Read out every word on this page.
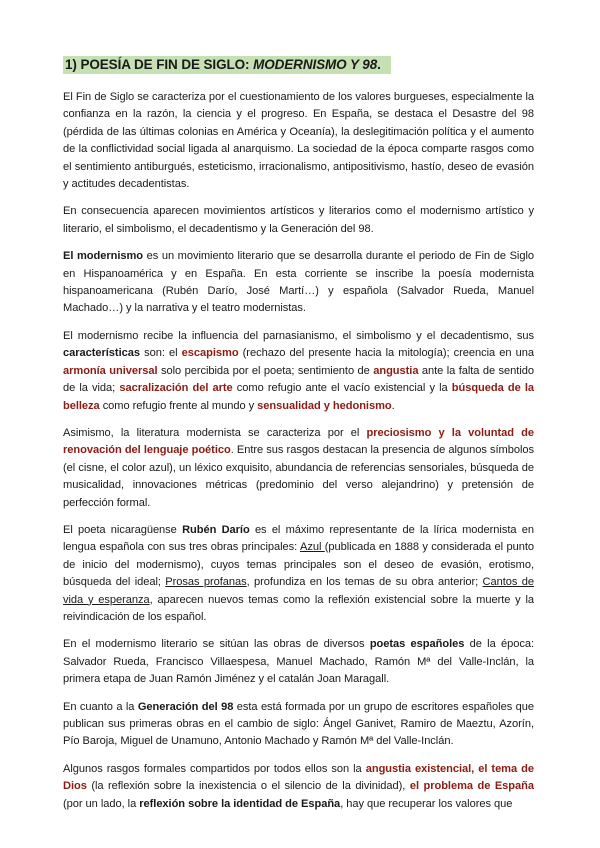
1) POESÍA DE FIN DE SIGLO: MODERNISMO Y 98.

El Fin de Siglo se caracteriza por el cuestionamiento de los valores burgueses, especialmente la confianza en la razón, la ciencia y el progreso. En España, se destaca el Desastre del 98 (pérdida de las últimas colonias en América y Oceanía), la deslegitimación política y el aumento de la conflictividad social ligada al anarquismo. La sociedad de la época comparte rasgos como el sentimiento antiburgués, esteticismo, irracionalismo, antipositivismo, hastío, deseo de evasión y actitudes decadentistas.

En consecuencia aparecen movimientos artísticos y literarios como el modernismo artístico y literario, el simbolismo, el decadentismo y la Generación del 98.

El modernismo es un movimiento literario que se desarrolla durante el periodo de Fin de Siglo en Hispanoamérica y en España. En esta corriente se inscribe la poesía modernista hispanoamericana (Rubén Darío, José Martí…) y española (Salvador Rueda, Manuel Machado…) y la narrativa y el teatro modernistas.

El modernismo recibe la influencia del parnasianismo, el simbolismo y el decadentismo, sus características son: el escapismo (rechazo del presente hacia la mitología); creencia en una armonía universal solo percibida por el poeta; sentimiento de angustia ante la falta de sentido de la vida; sacralización del arte como refugio ante el vacío existencial y la búsqueda de la belleza como refugio frente al mundo y sensualidad y hedonismo.

Asimismo, la literatura modernista se caracteriza por el preciosismo y la voluntad de renovación del lenguaje poético. Entre sus rasgos destacan la presencia de algunos símbolos (el cisne, el color azul), un léxico exquisito, abundancia de referencias sensoriales, búsqueda de musicalidad, innovaciones métricas (predominio del verso alejandrino) y pretensión de perfección formal.

El poeta nicaragüense Rubén Darío es el máximo representante de la lírica modernista en lengua española con sus tres obras principales: Azul (publicada en 1888 y considerada el punto de inicio del modernismo), cuyos temas principales son el deseo de evasión, erotismo, búsqueda del ideal; Prosas profanas, profundiza en los temas de su obra anterior; Cantos de vida y esperanza, aparecen nuevos temas como la reflexión existencial sobre la muerte y la reivindicación de los español.

En el modernismo literario se sitúan las obras de diversos poetas españoles de la época: Salvador Rueda, Francisco Villaespesa, Manuel Machado, Ramón Mª del Valle-Inclán, la primera etapa de Juan Ramón Jiménez y el catalán Joan Maragall.

En cuanto a la Generación del 98 esta está formada por un grupo de escritores españoles que publican sus primeras obras en el cambio de siglo: Ángel Ganivet, Ramiro de Maeztu, Azorín, Pío Baroja, Miguel de Unamuno, Antonio Machado y Ramón Mª del Valle-Inclán.

Algunos rasgos formales compartidos por todos ellos son la angustia existencial, el tema de Dios (la reflexión sobre la inexistencia o el silencio de la divinidad), el problema de España (por un lado, la reflexión sobre la identidad de España, hay que recuperar los valores que
